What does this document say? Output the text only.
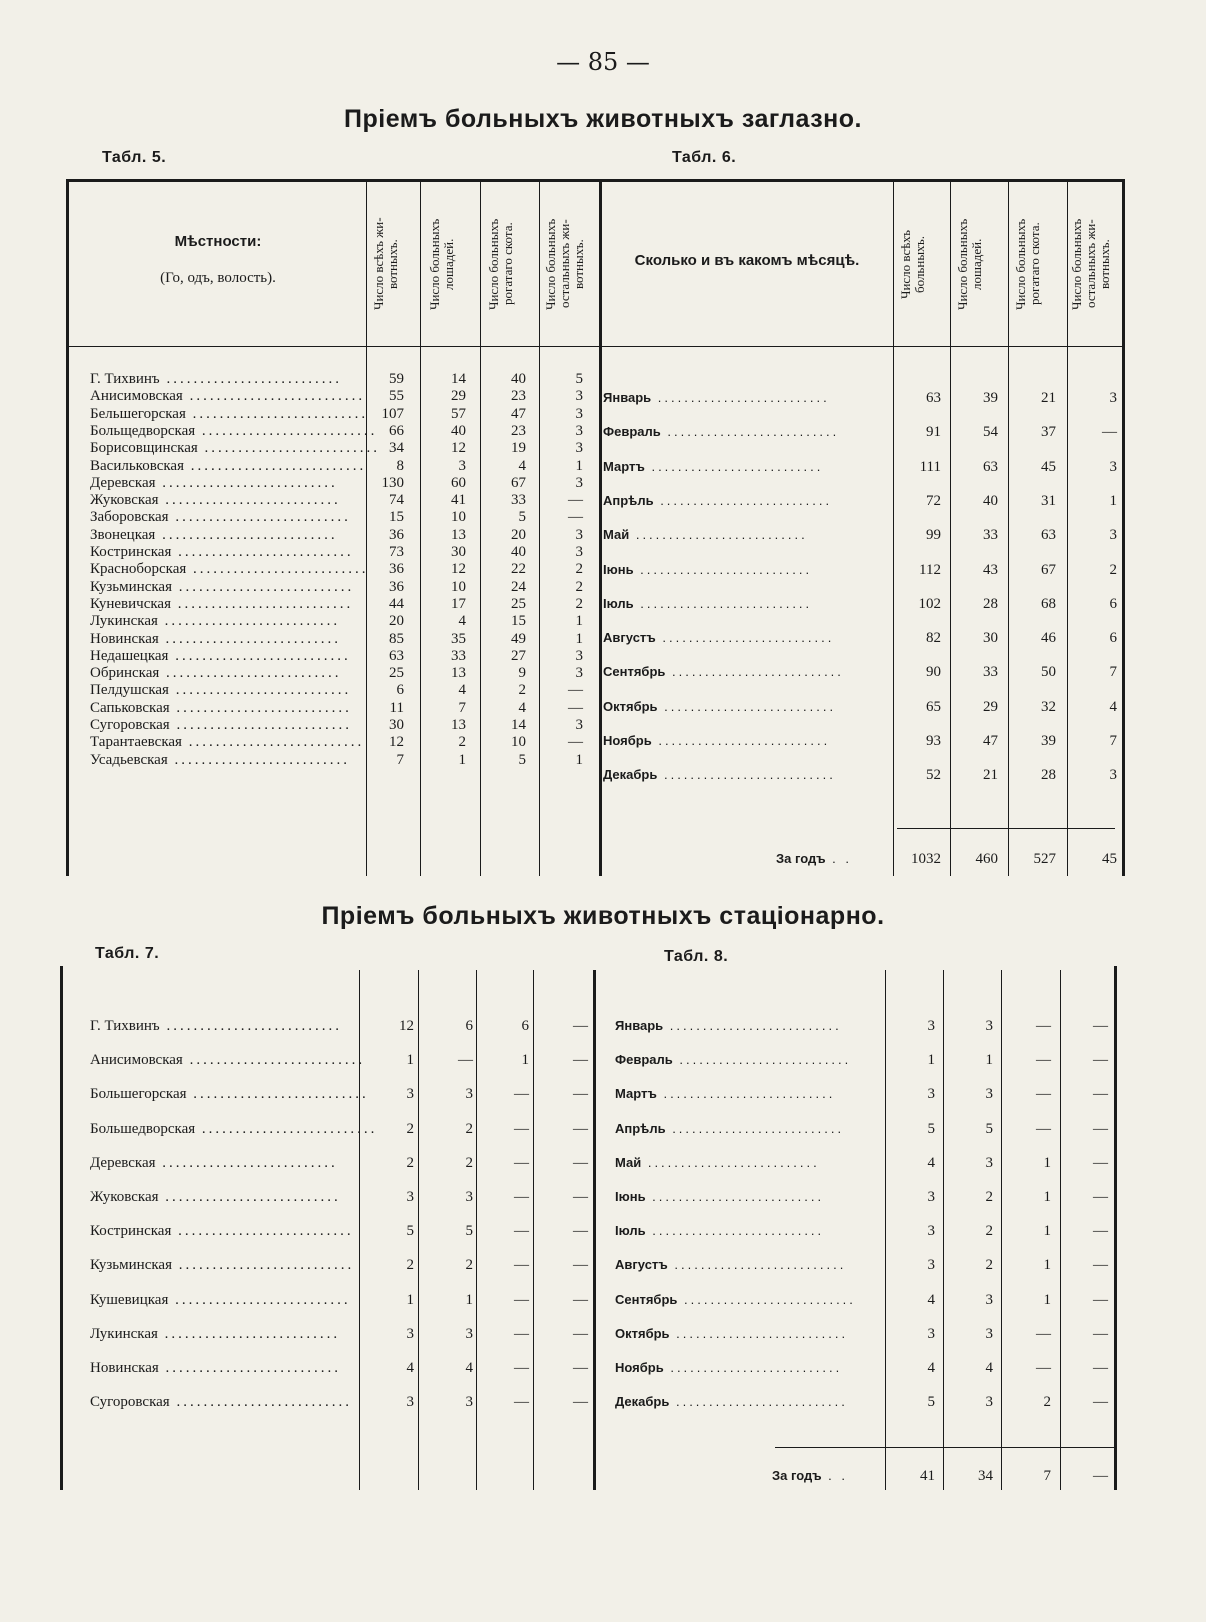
— 85 —
Пріемъ больныхъ животныхъ заглазно.
Табл. 5.	Табл. 6.
Мѣстности:
(Го, одъ, волость).	Число всѣхъ жи-
вотныхъ.
Число больныхъ
лошадей.
Число больныхъ
рогатаго скота.
Число больныхъ
остальныхъ жи-
вотныхъ.	Сколько и въ какомъ мѣсяцѣ.
Число всѣхъ
больныхъ.
Число больныхъ
лошадей.
Число больныхъ
рогатаго скота.
Число больныхъ
остальныхъ жи-
вотныхъ.
Г. Тихвинъ ..........................	59	14	40	5
Анисимовская ..........................	55	29	23	3
Бельшегорская .......................... 107	57	47	3
Больщедворская .......................... 66	40	23	3
Борисовщинская .......................... 34	12	19	3
Васильковская ..........................	8	3	4	1
Деревская ..........................	130	60	67	3
Жуковская ..........................	74	41	33	—
Заборовская ..........................	15	10	5	—
Звонецкая ..........................	36	13	20	3
Костринская ..........................	73	30	40	3
Красноборская ..........................	36	12	22	2
Кузьминская ..........................	36	10	24	2
Куневичская ..........................	44	17	25	2
Лукинская ..........................	20	4	15	1
Новинская ..........................	85	35	49	1
Недашецкая ..........................	63	33	27	3
Обринская ..........................	25	13	9	3
Пелдушская ..........................	6	4	2	—
Сапьковская ..........................	11	7	4	—
Сугоровская ..........................	30	13	14	3
Тарантаевская ..........................	12	2	10	—
Усадьевская ..........................	7	1	5	1
Январь ..........................	63	39	21	3
Февраль ..........................	91	54	37	—
Мартъ ..........................	111	63	45	3
Апрѣль ..........................	72	40	31	1
Май ..........................	99	33	63	3
Іюнь ..........................	112	43	67	2
Іюль ..........................	102	28	68	6
Августъ ..........................	82	30	46	6
Сентябрь ..........................	90	33	50	7
Октябрь ..........................	65	29	32	4
Ноябрь ..........................	93	47	39	7
Декабрь ..........................	52	21	28	3
За годъ . .	1032	460	527	45
Пріемъ больныхъ животныхъ стаціонарно.
Табл. 7.	Табл. 8.
Г. Тихвинъ ..........................	12	6	6	—
Анисимовская ..........................	1	—	1	—
Большегорская ..........................	3	3	—	—
Большедворская ..........................	2	2	—	—
Деревская ..........................	2	2	—	—
Жуковская ..........................	3	3	—	—
Костринская ..........................	5	5	—	—
Кузьминская ..........................	2	2	—	—
Кушевицкая ..........................	1	1	—	—
Лукинская ..........................	3	3	—	—
Новинская ..........................	4	4	—	—
Сугоровская ..........................	3	3	—	—
Январь ..........................	3	3	—	—
Февраль ..........................	1	1	—	—
Мартъ ..........................	3	3	—	—
Апрѣль ..........................	5	5	—	—
Май ..........................	4	3	1	—
Іюнь ..........................	3	2	1	—
Іюль ..........................	3	2	1	—
Августъ ..........................	3	2	1	—
Сентябрь ..........................	4	3	1	—
Октябрь ..........................	3	3	—	—
Ноябрь ..........................	4	4	—	—
Декабрь ..........................	5	3	2	—
За годъ . .	41	34	7	—
